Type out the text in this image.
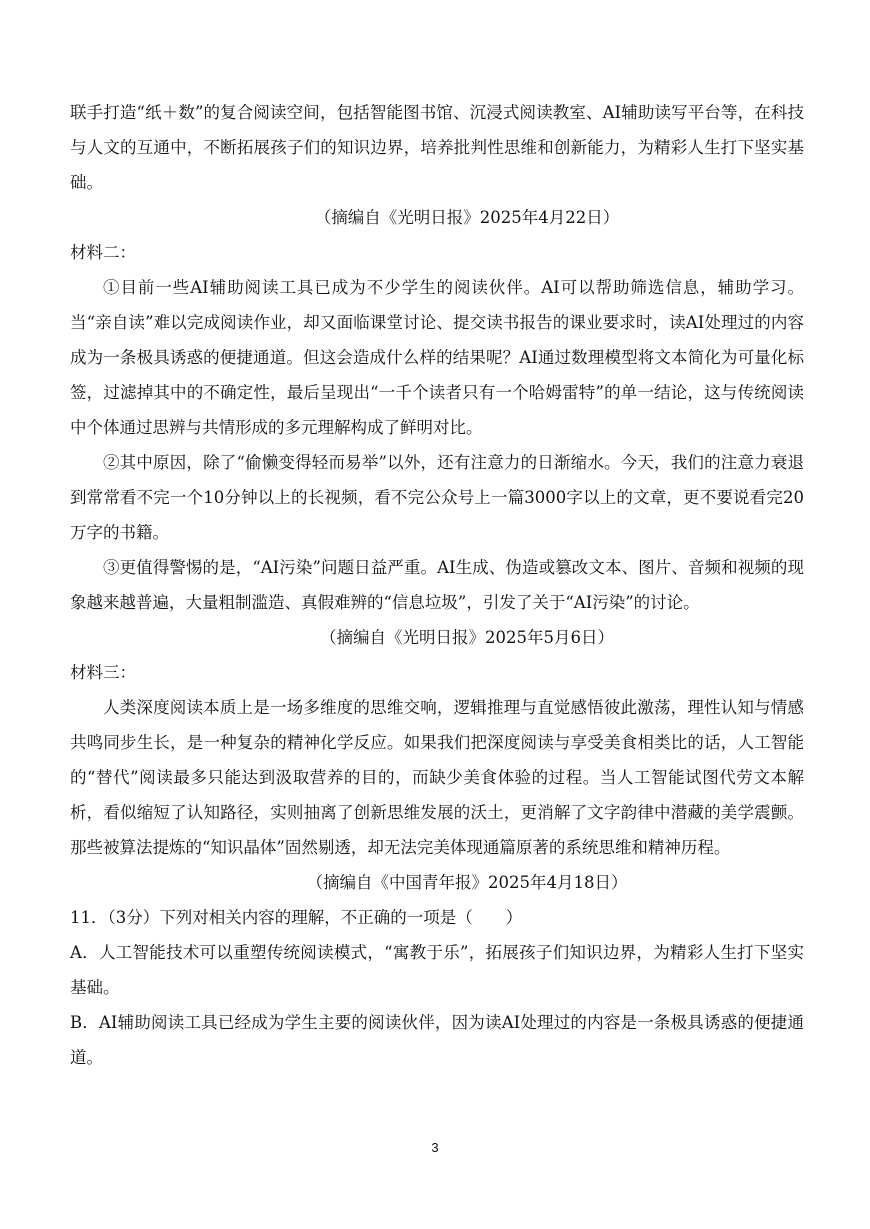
联手打造“纸＋数”的复合阅读空间，包括智能图书馆、沉浸式阅读教室、AI辅助读写平台等，在科技与人文的互通中，不断拓展孩子们的知识边界，培养批判性思维和创新能力，为精彩人生打下坚实基础。

（摘编自《光明日报》2025年4月22日）

材料二：

①目前一些AI辅助阅读工具已成为不少学生的阅读伙伴。AI可以帮助筛选信息，辅助学习。当“亲自读”难以完成阅读作业，却又面临课堂讨论、提交读书报告的课业要求时，读AI处理过的内容成为一条极具诱惑的便捷通道。但这会造成什么样的结果呢？AI通过数理模型将文本简化为可量化标签，过滤掉其中的不确定性，最后呈现出“一千个读者只有一个哈姆雷特”的单一结论，这与传统阅读中个体通过思辨与共情形成的多元理解构成了鲜明对比。

②其中原因，除了“偷懒变得轻而易举”以外，还有注意力的日渐缩水。今天，我们的注意力衰退到常常看不完一个10分钟以上的长视频，看不完公众号上一篇3000字以上的文章，更不要说看完20万字的书籍。

③更值得警惕的是，“AI污染”问题日益严重。AI生成、伪造或篡改文本、图片、音频和视频的现象越来越普遍，大量粗制滥造、真假难辨的“信息垃圾”，引发了关于“AI污染”的讨论。

（摘编自《光明日报》2025年5月6日）

材料三：

人类深度阅读本质上是一场多维度的思维交响，逻辑推理与直觉感悟彼此激荡，理性认知与情感共鸣同步生长，是一种复杂的精神化学反应。如果我们把深度阅读与享受美食相类比的话，人工智能的“替代”阅读最多只能达到汲取营养的目的，而缺少美食体验的过程。当人工智能试图代劳文本解析，看似缩短了认知路径，实则抽离了创新思维发展的沃土，更消解了文字韵律中潜藏的美学震颤。那些被算法提炼的“知识晶体”固然剔透，却无法完美体现通篇原著的系统思维和精神历程。

（摘编自《中国青年报》2025年4月18日）

11．（3分）下列对相关内容的理解，不正确的一项是（　　）

A．人工智能技术可以重塑传统阅读模式，“寓教于乐”，拓展孩子们知识边界，为精彩人生打下坚实基础。

B．AI辅助阅读工具已经成为学生主要的阅读伙伴，因为读AI处理过的内容是一条极具诱惑的便捷通道。

3
